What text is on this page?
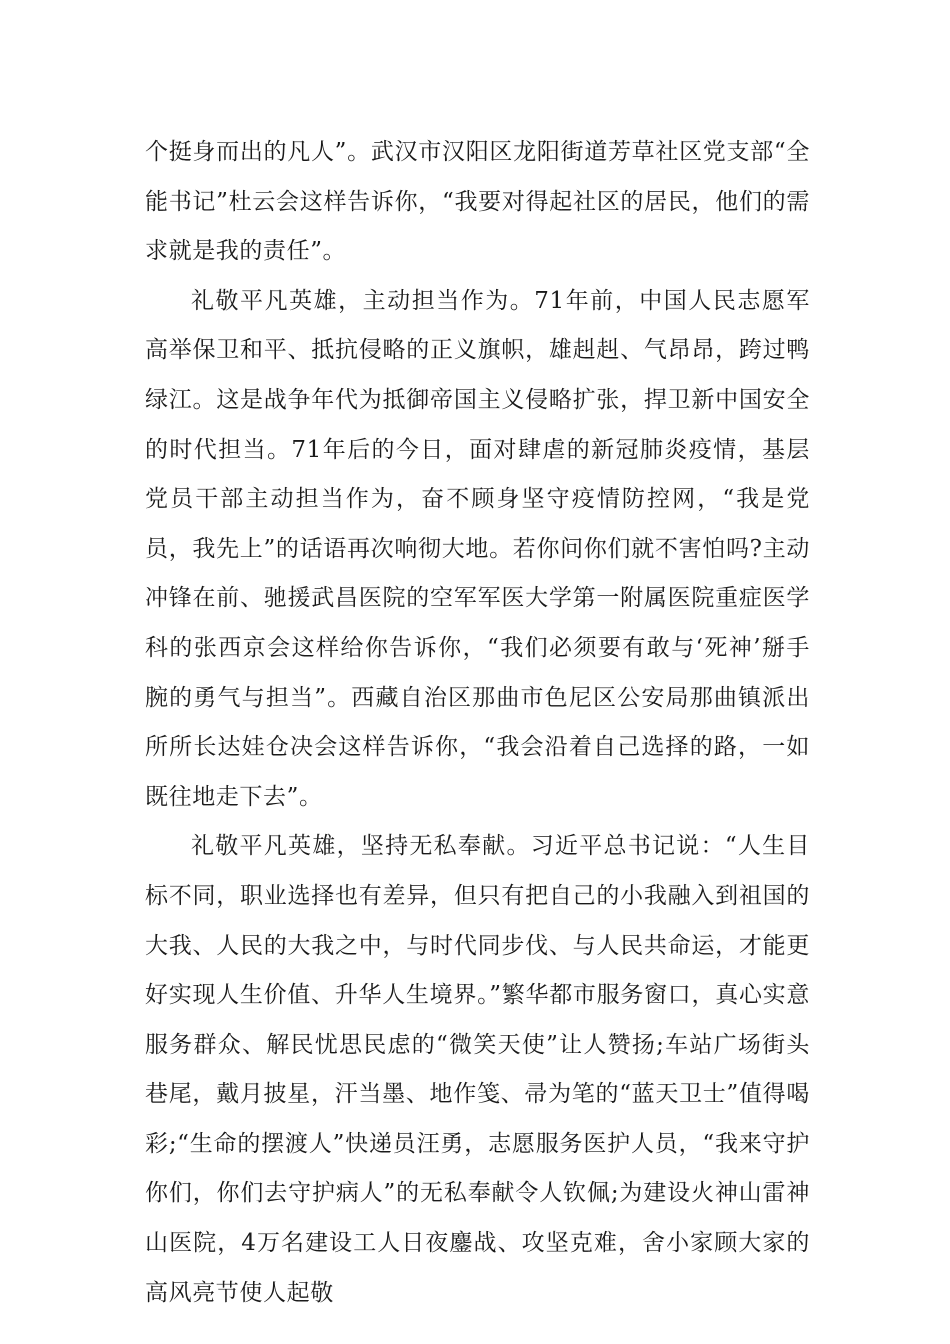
个挺身而出的凡人”。武汉市汉阳区龙阳街道芳草社区党支部“全能书记”杜云会这样告诉你，“我要对得起社区的居民，他们的需求就是我的责任”。

礼敬平凡英雄，主动担当作为。71年前，中国人民志愿军高举保卫和平、抵抗侵略的正义旗帜，雄赳赳、气昂昂，跨过鸭绿江。这是战争年代为抵御帝国主义侵略扩张，捍卫新中国安全的时代担当。71年后的今日，面对肆虐的新冠肺炎疫情，基层党员干部主动担当作为，奋不顾身坚守疫情防控网，“我是党员，我先上”的话语再次响彻大地。若你问你们就不害怕吗?主动冲锋在前、驰援武昌医院的空军军医大学第一附属医院重症医学科的张西京会这样给你告诉你，“我们必须要有敢与‘死神’掰手腕的勇气与担当”。西藏自治区那曲市色尼区公安局那曲镇派出所所长达娃仓决会这样告诉你，“我会沿着自己选择的路，一如既往地走下去”。

礼敬平凡英雄，坚持无私奉献。习近平总书记说：“人生目标不同，职业选择也有差异，但只有把自己的小我融入到祖国的大我、人民的大我之中，与时代同步伐、与人民共命运，才能更好实现人生价值、升华人生境界。”繁华都市服务窗口，真心实意服务群众、解民忧思民虑的“微笑天使”让人赞扬;车站广场街头巷尾，戴月披星，汗当墨、地作笺、帚为笔的“蓝天卫士”值得喝彩;“生命的摆渡人”快递员汪勇，志愿服务医护人员，“我来守护你们，你们去守护病人”的无私奉献令人钦佩;为建设火神山雷神山医院，4万名建设工人日夜鏖战、攻坚克难，舍小家顾大家的高风亮节使人起敬
